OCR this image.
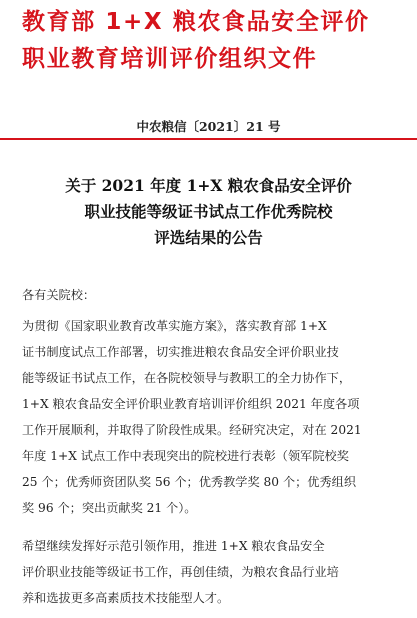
教育部 1+X 粮农食品安全评价
职业教育培训评价组织文件
中农粮信〔2021〕21 号
关于 2021 年度 1+X 粮农食品安全评价
职业技能等级证书试点工作优秀院校
评选结果的公告
各有关院校：
为贯彻《国家职业教育改革实施方案》，落实教育部 1+X
证书制度试点工作部署，切实推进粮农食品安全评价职业技
能等级证书试点工作，在各院校领导与教职工的全力协作下，
1+X 粮农食品安全评价职业教育培训评价组织 2021 年度各项
工作开展顺利，并取得了阶段性成果。经研究决定，对在 2021
年度 1+X 试点工作中表现突出的院校进行表彰（领军院校奖
25 个；优秀师资团队奖 56 个；优秀教学奖 80 个；优秀组织
奖 96 个；突出贡献奖 21 个）。
希望继续发挥好示范引领作用，推进 1+X 粮农食品安全
评价职业技能等级证书工作，再创佳绩，为粮农食品行业培
养和选拔更多高素质技术技能型人才。
